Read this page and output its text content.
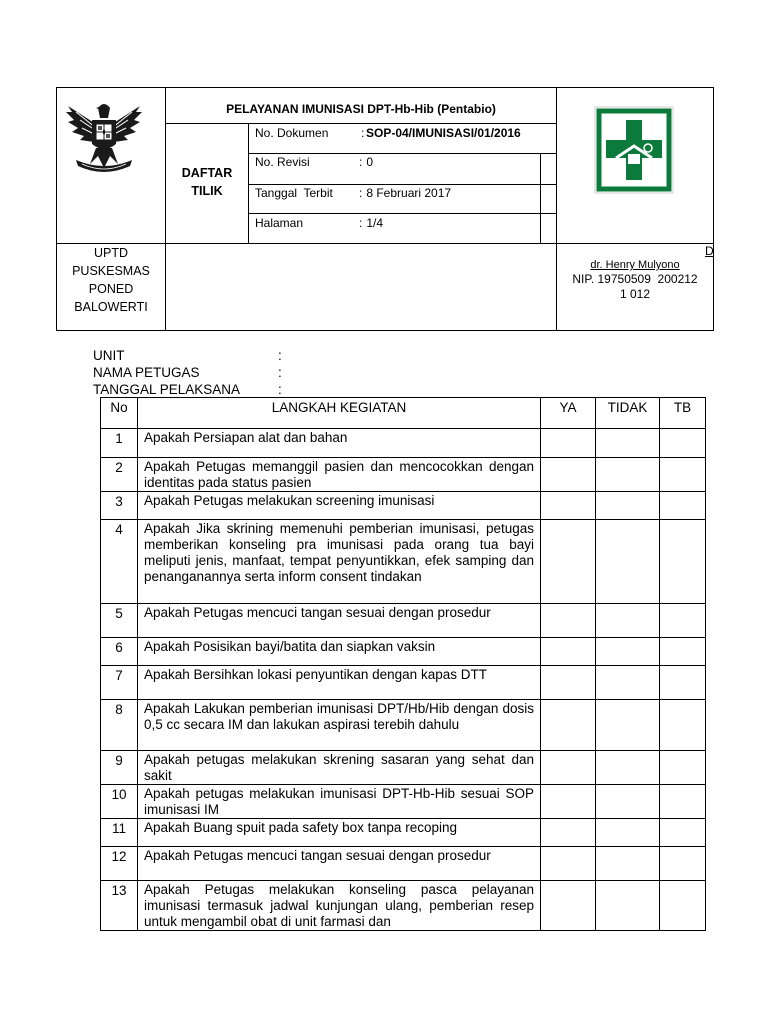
PELAYANAN IMUNISASI DPT-Hb-Hib (Pentabio)
DAFTAR
TILIK
No. Dokumen	: SOP-04/IMUNISASI/01/2016
No. Revisi	: 0
Tanggal  Terbit : 8 Februari 2017
Halaman	: 1/4
UPTD
PUSKESMAS
PONED
BALOWERTI
D
dr. Henry Mulyono
NIP. 19750509  200212
1 012
UNIT	:
NAMA PETUGAS	:
TANGGAL PELAKSANA	:
No	LANGKAH KEGIATAN	YA	TIDAK	TB
1	Apakah Persiapan alat dan bahan			
2	Apakah Petugas memanggil pasien dan mencocokkan dengan identitas pada status pasien			
3	Apakah Petugas melakukan screening imunisasi			
4	Apakah Jika skrining memenuhi pemberian imunisasi, petugas memberikan konseling pra imunisasi pada orang tua bayi meliputi jenis, manfaat, tempat penyuntikkan, efek samping dan penanganannya serta inform consent tindakan			
5	Apakah Petugas mencuci tangan sesuai dengan prosedur			
6	Apakah Posisikan bayi/batita dan siapkan vaksin			
7	Apakah Bersihkan lokasi penyuntikan dengan kapas DTT			
8	Apakah Lakukan pemberian imunisasi DPT/Hb/Hib dengan dosis 0,5 cc secara IM dan lakukan aspirasi terebih dahulu			
9	Apakah petugas melakukan skrening sasaran yang sehat dan sakit			
10	Apakah petugas melakukan imunisasi DPT-Hb-Hib sesuai SOP imunisasi IM			
11	Apakah Buang spuit pada safety box tanpa recoping			
12	Apakah Petugas mencuci tangan sesuai dengan prosedur			
13	Apakah Petugas melakukan konseling pasca pelayanan imunisasi termasuk jadwal kunjungan ulang, pemberian resep untuk mengambil obat di unit farmasi dan			
